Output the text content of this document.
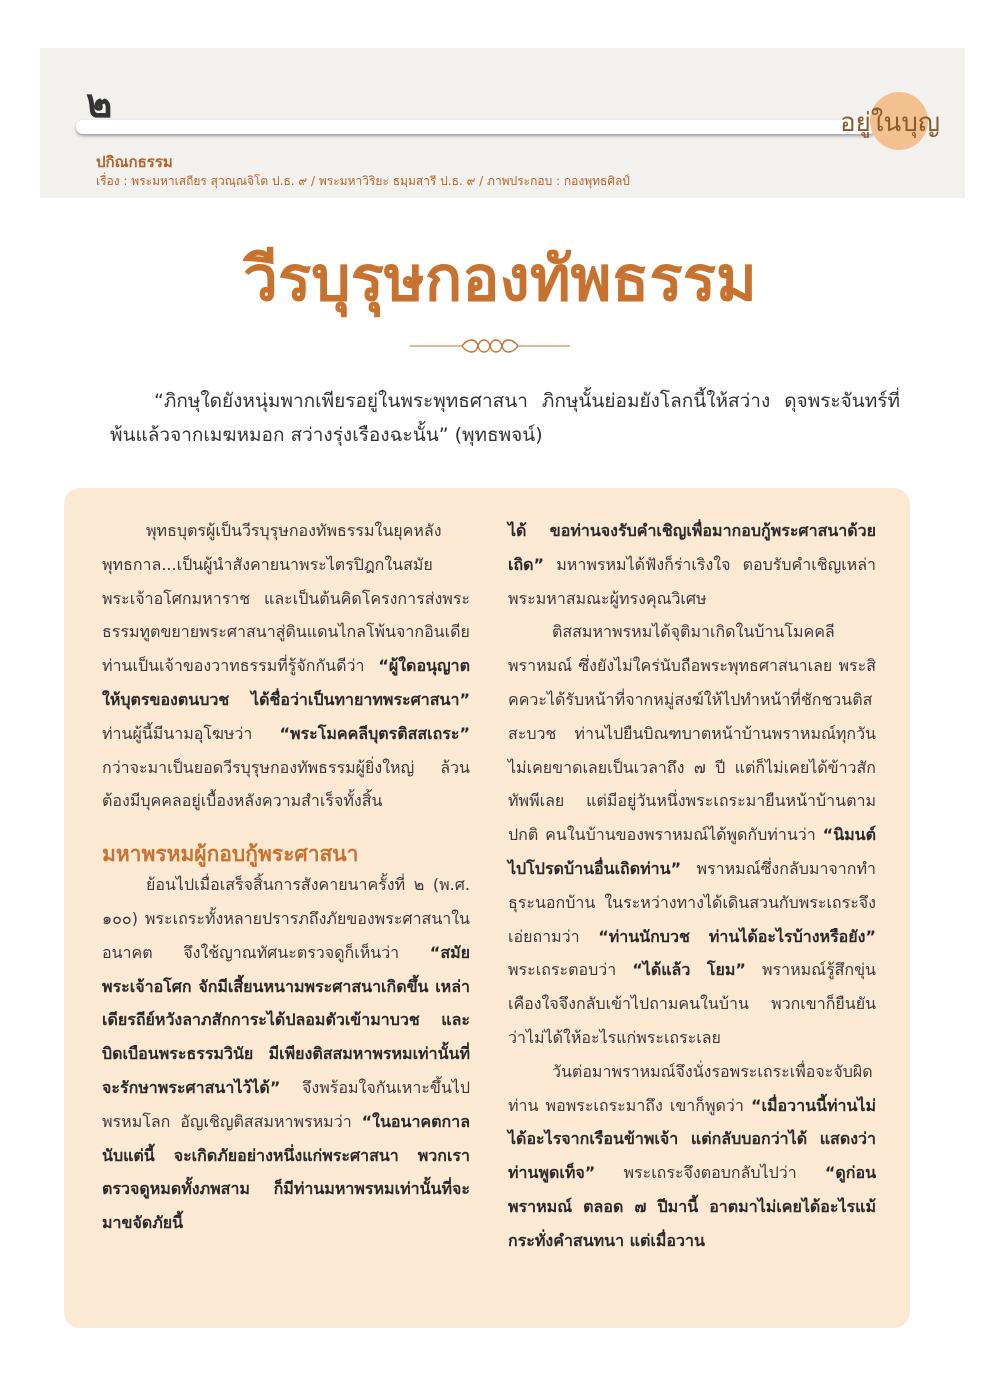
๒	อยู่ในบุญ
ปกิณกธรรม
เรื่อง : พระมหาเสถียร สุวณฺณจิโต ป.ธ. ๙ / พระมหาวิริยะ ธมฺมสารี ป.ธ. ๙ / ภาพประกอบ : กองพุทธศิลป์
วีรบุรุษกองทัพธรรม

“ภิกษุใดยังหนุ่มพากเพียรอยู่ในพระพุทธศาสนา ภิกษุนั้นย่อมยังโลกนี้ให้สว่าง ดุจพระจันทร์ที่พ้นแล้วจากเมฆหมอก สว่างรุ่งเรืองฉะนั้น” (พุทธพจน์)

พุทธบุตรผู้เป็นวีรบุรุษกองทัพธรรมในยุคหลังพุทธกาล...เป็นผู้นำสังคายนาพระไตรปิฎกในสมัยพระเจ้าอโศกมหาราช และเป็นต้นคิดโครงการส่งพระธรรมทูตขยายพระศาสนาสู่ดินแดนไกลโพ้นจากอินเดีย ท่านเป็นเจ้าของวาทธรรมที่รู้จักกันดีว่า “ผู้ใดอนุญาตให้บุตรของตนบวช ได้ชื่อว่าเป็นทายาทพระศาสนา” ท่านผู้นี้มีนามอุโฆษว่า “พระโมคคลีบุตรติสสเถระ” กว่าจะมาเป็นยอดวีรบุรุษกองทัพธรรมผู้ยิ่งใหญ่ ล้วนต้องมีบุคคลอยู่เบื้องหลังความสำเร็จทั้งสิ้น

มหาพรหมผู้กอบกู้พระศาสนา

ย้อนไปเมื่อเสร็จสิ้นการสังคายนาครั้งที่ ๒ (พ.ศ. ๑๐๐) พระเถระทั้งหลายปรารภถึงภัยของพระศาสนาในอนาคต จึงใช้ญาณทัศนะตรวจดูก็เห็นว่า “สมัยพระเจ้าอโศก จักมีเสี้ยนหนามพระศาสนาเกิดขึ้น เหล่าเดียรถีย์หวังลาภสักการะได้ปลอมตัวเข้ามาบวช และบิดเบือนพระธรรมวินัย มีเพียงติสสมหาพรหมเท่านั้นที่จะรักษาพระศาสนาไว้ได้” จึงพร้อมใจกันเหาะขึ้นไปพรหมโลก อัญเชิญติสสมหาพรหมว่า “ในอนาคตกาลนับแต่นี้ จะเกิดภัยอย่างหนึ่งแก่พระศาสนา พวกเราตรวจดูหมดทั้งภพสาม ก็มีท่านมหาพรหมเท่านั้นที่จะมาขจัดภัยนี้

ได้ ขอท่านจงรับคำเชิญเพื่อมากอบกู้พระศาสนาด้วยเถิด” มหาพรหมได้ฟังก็ร่าเริงใจ ตอบรับคำเชิญเหล่าพระมหาสมณะผู้ทรงคุณวิเศษ

ติสสมหาพรหมได้จุติมาเกิดในบ้านโมคคลีพราหมณ์ ซึ่งยังไม่ใคร่นับถือพระพุทธศาสนาเลย พระสิคควะได้รับหน้าที่จากหมู่สงฆ์ให้ไปทำหน้าที่ชักชวนติสสะบวช ท่านไปยืนบิณฑบาตหน้าบ้านพราหมณ์ทุกวันไม่เคยขาดเลยเป็นเวลาถึง ๗ ปี แต่ก็ไม่เคยได้ข้าวสักทัพพีเลย แต่มีอยู่วันหนึ่งพระเถระมายืนหน้าบ้านตามปกติ คนในบ้านของพราหมณ์ได้พูดกับท่านว่า “นิมนต์ไปโปรดบ้านอื่นเถิดท่าน” พราหมณ์ซึ่งกลับมาจากทำธุระนอกบ้าน ในระหว่างทางได้เดินสวนกับพระเถระจึงเอ่ยถามว่า “ท่านนักบวช ท่านได้อะไรบ้างหรือยัง” พระเถระตอบว่า “ได้แล้ว โยม” พราหมณ์รู้สึกขุ่นเคืองใจจึงกลับเข้าไปถามคนในบ้าน พวกเขาก็ยืนยันว่าไม่ได้ให้อะไรแก่พระเถระเลย

วันต่อมาพราหมณ์จึงนั่งรอพระเถระเพื่อจะจับผิดท่าน พอพระเถระมาถึง เขาก็พูดว่า “เมื่อวานนี้ท่านไม่ได้อะไรจากเรือนข้าพเจ้า แต่กลับบอกว่าได้ แสดงว่าท่านพูดเท็จ” พระเถระจึงตอบกลับไปว่า “ดูก่อนพราหมณ์ ตลอด ๗ ปีมานี้ อาตมาไม่เคยได้อะไรแม้กระทั่งคำสนทนา แต่เมื่อวาน
